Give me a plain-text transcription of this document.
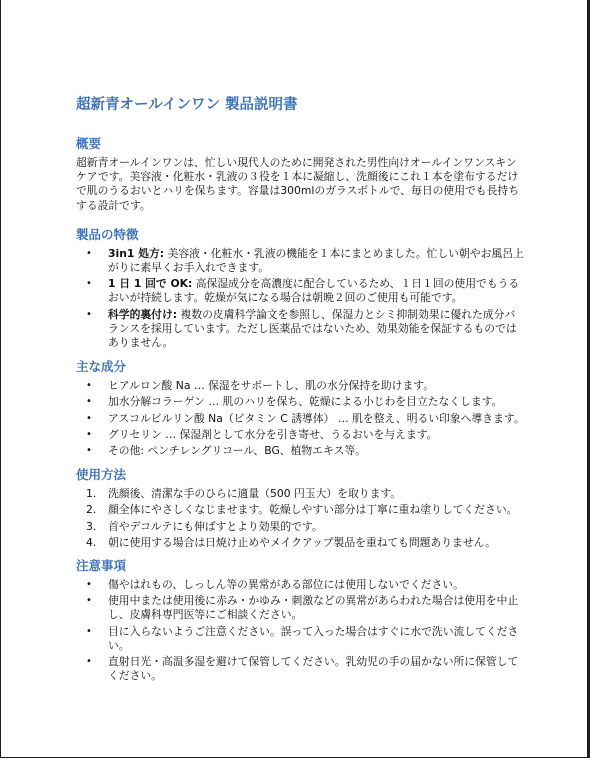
超新青オールインワン 製品説明書
概要

超新青オールインワンは、忙しい現代人のために開発された男性向けオールインワンスキンケアです。美容液・化粧水・乳液の３役を１本に凝縮し、洗顔後にこれ１本を塗布するだけで肌のうるおいとハリを保ちます。容量は300mlのガラスボトルで、毎日の使用でも長持ちする設計です。

製品の特徴
• 3in1 処方: 美容液・化粧水・乳液の機能を１本にまとめました。忙しい朝やお風呂上がりに素早くお手入れできます。
• 1 日 1 回で OK: 高保湿成分を高濃度に配合しているため、１日１回の使用でもうるおいが持続します。乾燥が気になる場合は朝晩２回のご使用も可能です。
• 科学的裏付け: 複数の皮膚科学論文を参照し、保湿力とシミ抑制効果に優れた成分バランスを採用しています。ただし医薬品ではないため、効果効能を保証するものではありません。
主な成分
• ヒアルロン酸 Na … 保湿をサポートし、肌の水分保持を助けます。
• 加水分解コラーゲン … 肌のハリを保ち、乾燥による小じわを目立たなくします。
• アスコルビルリン酸 Na（ビタミン C 誘導体） … 肌を整え、明るい印象へ導きます。
• グリセリン … 保湿剤として水分を引き寄せ、うるおいを与えます。
• その他: ペンチレングリコール、BG、植物エキス等。
使用方法
1. 洗顔後、清潔な手のひらに適量（500 円玉大）を取ります。
2. 顔全体にやさしくなじませます。乾燥しやすい部分は丁寧に重ね塗りしてください。
3. 首やデコルテにも伸ばすとより効果的です。
4. 朝に使用する場合は日焼け止めやメイクアップ製品を重ねても問題ありません。
注意事項
• 傷やはれもの、しっしん等の異常がある部位には使用しないでください。
• 使用中または使用後に赤み・かゆみ・刺激などの異常があらわれた場合は使用を中止し、皮膚科専門医等にご相談ください。
• 目に入らないようご注意ください。誤って入った場合はすぐに水で洗い流してください。
• 直射日光・高温多湿を避けて保管してください。乳幼児の手の届かない所に保管してください。
